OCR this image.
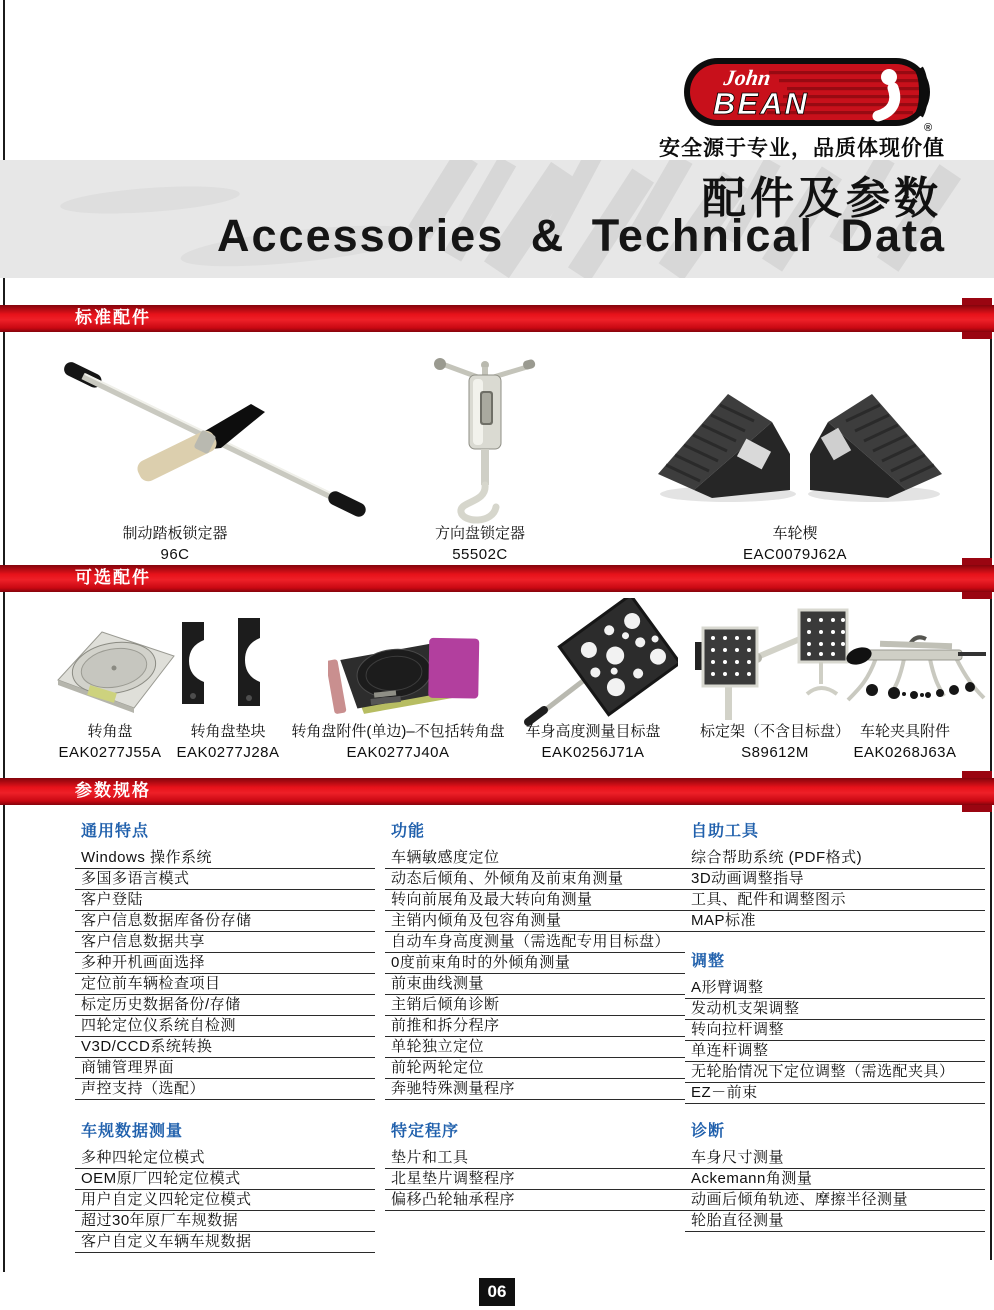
John
BEAN
®
安全源于专业，品质体现价值
配件及参数
Accessories & Technical Data
标准配件
制动踏板锁定器
96C
方向盘锁定器
55502C
车轮楔
EAC0079J62A
可选配件
转角盘
EAK0277J55A
转角盘垫块
EAK0277J28A
转角盘附件(单边)–不包括转角盘
EAK0277J40A
车身高度测量目标盘
EAK0256J71A
标定架（不含目标盘）
S89612M
车轮夹具附件
EAK0268J63A
参数规格
通用特点
Windows 操作系统
多国多语言模式
客户登陆
客户信息数据库备份存储
客户信息数据共享
多种开机画面选择
定位前车辆检查项目
标定历史数据备份/存储
四轮定位仪系统自检测
V3D/CCD系统转换
商铺管理界面
声控支持（选配）
功能
车辆敏感度定位
动态后倾角、外倾角及前束角测量
转向前展角及最大转向角测量
主销内倾角及包容角测量
自动车身高度测量（需选配专用目标盘）
0度前束角时的外倾角测量
前束曲线测量
主销后倾角诊断
前推和拆分程序
单轮独立定位
前轮两轮定位
奔驰特殊测量程序
自助工具
综合帮助系统 (PDF格式)
3D动画调整指导
工具、配件和调整图示
MAP标准
调整
A形臂调整
发动机支架调整
转向拉杆调整
单连杆调整
无轮胎情况下定位调整（需选配夹具）
EZ－前束
车规数据测量
多种四轮定位模式
OEM原厂四轮定位模式
用户自定义四轮定位模式
超过30年原厂车规数据
客户自定义车辆车规数据
特定程序
垫片和工具
北星垫片调整程序
偏移凸轮轴承程序
诊断
车身尺寸测量
Ackemann角测量
动画后倾角轨迹、摩擦半径测量
轮胎直径测量
06
